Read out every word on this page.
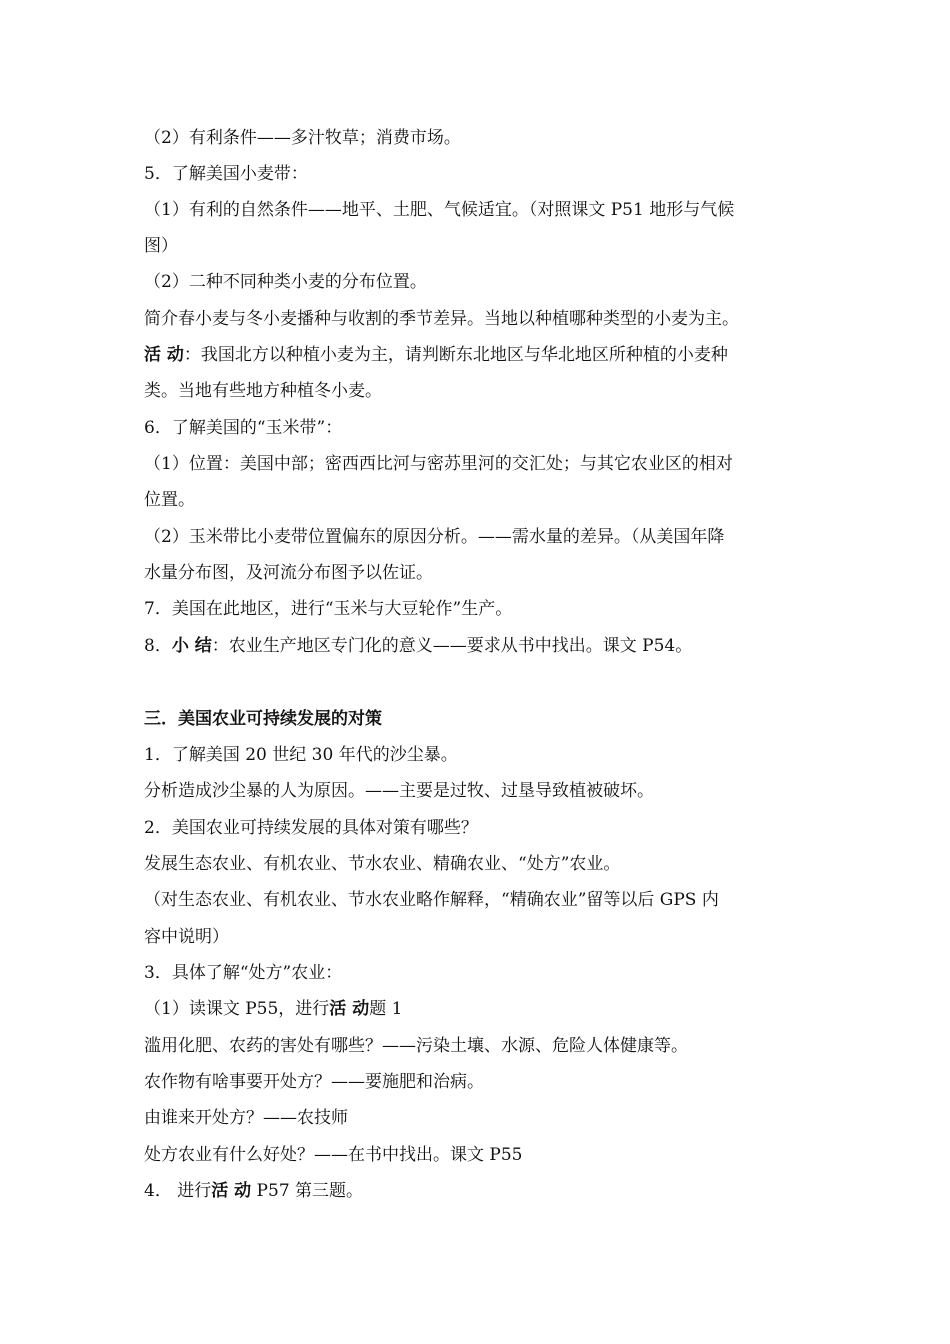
（2）有利条件——多汁牧草；消费市场。
5．了解美国小麦带：
（1）有利的自然条件——地平、土肥、气候适宜。（对照课文 P51 地形与气候
图）
（2）二种不同种类小麦的分布位置。
简介春小麦与冬小麦播种与收割的季节差异。当地以种植哪种类型的小麦为主。
活 动：我国北方以种植小麦为主，请判断东北地区与华北地区所种植的小麦种
类。当地有些地方种植冬小麦。
6．了解美国的“玉米带”：
（1）位置：美国中部；密西西比河与密苏里河的交汇处；与其它农业区的相对
位置。
（2）玉米带比小麦带位置偏东的原因分析。——需水量的差异。（从美国年降
水量分布图，及河流分布图予以佐证。
7．美国在此地区，进行“玉米与大豆轮作”生产。
8．小 结：农业生产地区专门化的意义——要求从书中找出。课文 P54。
三．美国农业可持续发展的对策
1．了解美国 20 世纪 30 年代的沙尘暴。
分析造成沙尘暴的人为原因。——主要是过牧、过垦导致植被破坏。
2．美国农业可持续发展的具体对策有哪些？
发展生态农业、有机农业、节水农业、精确农业、“处方”农业。
（对生态农业、有机农业、节水农业略作解释，“精确农业”留等以后 GPS 内
容中说明）
3．具体了解“处方”农业：
（1）读课文 P55，进行活 动题 1
滥用化肥、农药的害处有哪些？——污染土壤、水源、危险人体健康等。
农作物有啥事要开处方？——要施肥和治病。
由谁来开处方？——农技师
处方农业有什么好处？——在书中找出。课文 P55
4． 进行活 动 P57 第三题。
